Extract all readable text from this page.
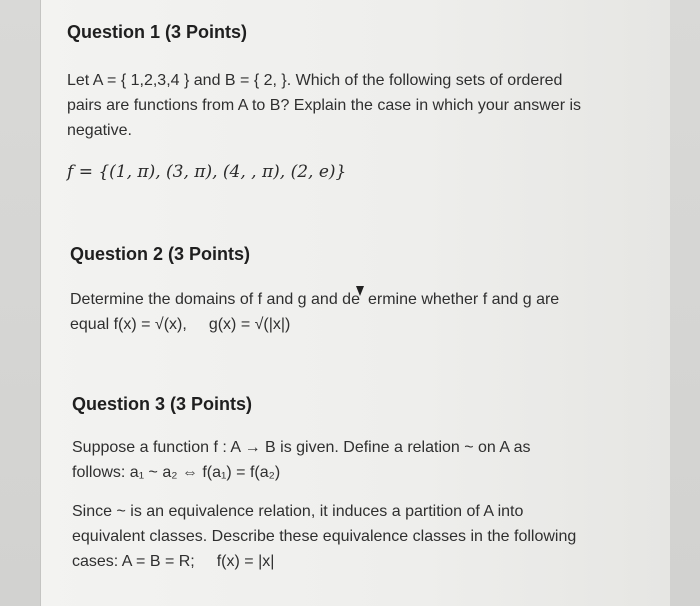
Question 1 (3 Points)

Let A = { 1,2,3,4 } and B = { 2, }. Which of the following sets of ordered

pairs are functions from A to B? Explain the case in which your answer is

negative.

f = {(1, π), (3, π), (4, , π), (2, e)}

Question 2 (3 Points)

Determine the domains of f and g and de ermine whether f and g are

equal f(x) = √(x), g(x) = √(|x|)

Question 3 (3 Points)

Suppose a function f : A → B is given. Define a relation ~ on A as

follows: a₁ ~ a₂ ⇔ f(a₁) = f(a₂)

Since ~ is an equivalence relation, it induces a partition of A into

equivalent classes. Describe these equivalence classes in the following

cases: A = B = R; f(x) = |x|
